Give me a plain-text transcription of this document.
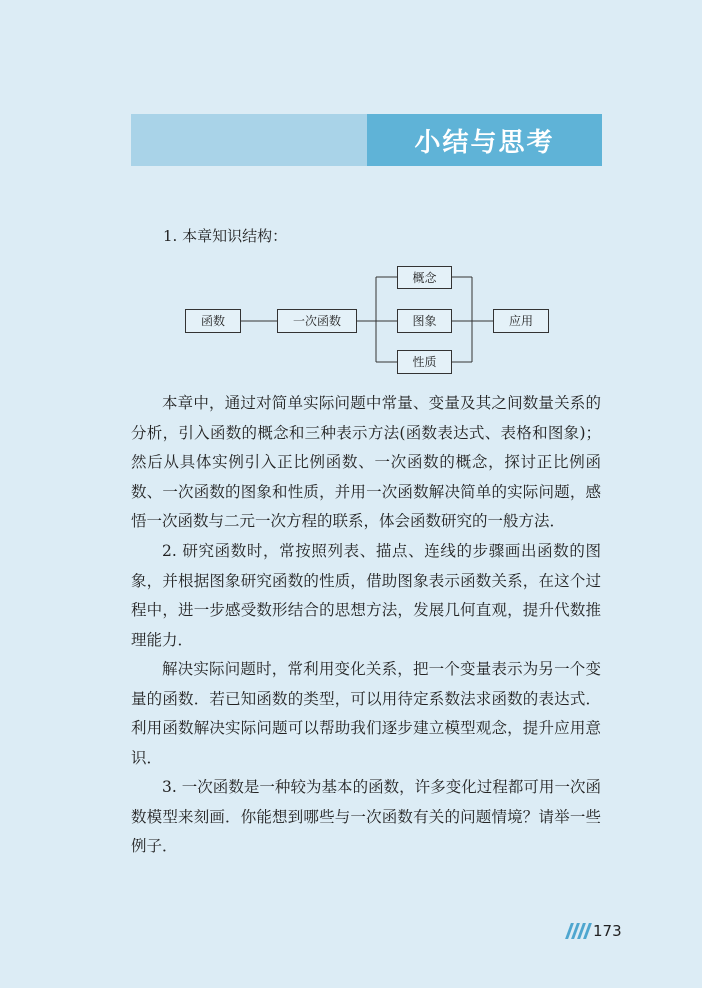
小结与思考
1. 本章知识结构：
函数	一次函数
概念
图象
性质
应用

本章中，通过对简单实际问题中常量、变量及其之间数量关系的分析，引入函数的概念和三种表示方法(函数表达式、表格和图象)；然后从具体实例引入正比例函数、一次函数的概念，探讨正比例函数、一次函数的图象和性质，并用一次函数解决简单的实际问题，感悟一次函数与二元一次方程的联系，体会函数研究的一般方法．

2. 研究函数时，常按照列表、描点、连线的步骤画出函数的图象，并根据图象研究函数的性质，借助图象表示函数关系，在这个过程中，进一步感受数形结合的思想方法，发展几何直观，提升代数推理能力．

解决实际问题时，常利用变化关系，把一个变量表示为另一个变量的函数．若已知函数的类型，可以用待定系数法求函数的表达式．利用函数解决实际问题可以帮助我们逐步建立模型观念，提升应用意识．

3. 一次函数是一种较为基本的函数，许多变化过程都可用一次函数模型来刻画．你能想到哪些与一次函数有关的问题情境？请举一些例子．

173
